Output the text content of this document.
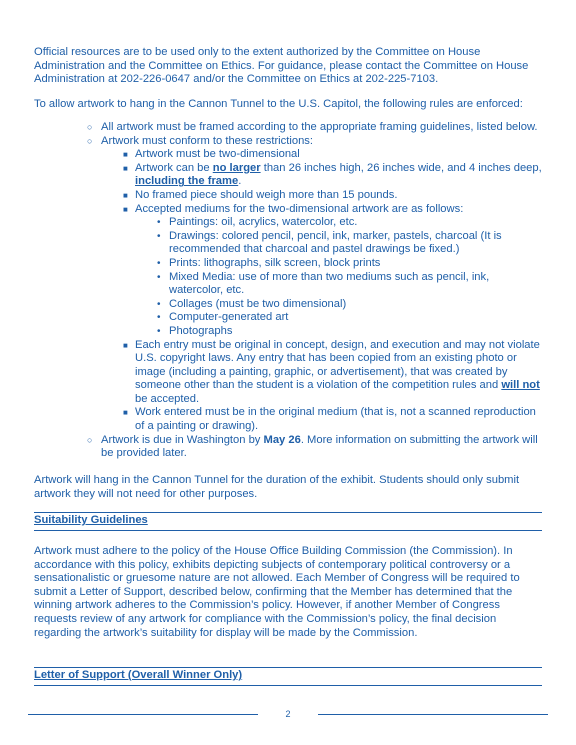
Official resources are to be used only to the extent authorized by the Committee on House Administration and the Committee on Ethics. For guidance, please contact the Committee on House Administration at 202-226-0647 and/or the Committee on Ethics at 202-225-7103.

To allow artwork to hang in the Cannon Tunnel to the U.S. Capitol, the following rules are enforced:

○ All artwork must be framed according to the appropriate framing guidelines, listed below.
○ Artwork must conform to these restrictions:
■ Artwork must be two-dimensional
■ Artwork can be no larger than 26 inches high, 26 inches wide, and 4 inches deep, including the frame.
■ No framed piece should weigh more than 15 pounds.
■ Accepted mediums for the two-dimensional artwork are as follows:
• Paintings: oil, acrylics, watercolor, etc.
• Drawings: colored pencil, pencil, ink, marker, pastels, charcoal (It is recommended that charcoal and pastel drawings be fixed.)
• Prints: lithographs, silk screen, block prints
• Mixed Media: use of more than two mediums such as pencil, ink, watercolor, etc.
• Collages (must be two dimensional)
• Computer-generated art
• Photographs
■ Each entry must be original in concept, design, and execution and may not violate U.S. copyright laws. Any entry that has been copied from an existing photo or image (including a painting, graphic, or advertisement), that was created by someone other than the student is a violation of the competition rules and will not be accepted.
■ Work entered must be in the original medium (that is, not a scanned reproduction of a painting or drawing).
○ Artwork is due in Washington by May 26. More information on submitting the artwork will be provided later.

Artwork will hang in the Cannon Tunnel for the duration of the exhibit. Students should only submit artwork they will not need for other purposes.

Suitability Guidelines

Artwork must adhere to the policy of the House Office Building Commission (the Commission). In accordance with this policy, exhibits depicting subjects of contemporary political controversy or a sensationalistic or gruesome nature are not allowed. Each Member of Congress will be required to submit a Letter of Support, described below, confirming that the Member has determined that the winning artwork adheres to the Commission’s policy. However, if another Member of Congress requests review of any artwork for compliance with the Commission’s policy, the final decision regarding the artwork’s suitability for display will be made by the Commission.

Letter of Support (Overall Winner Only)
2
